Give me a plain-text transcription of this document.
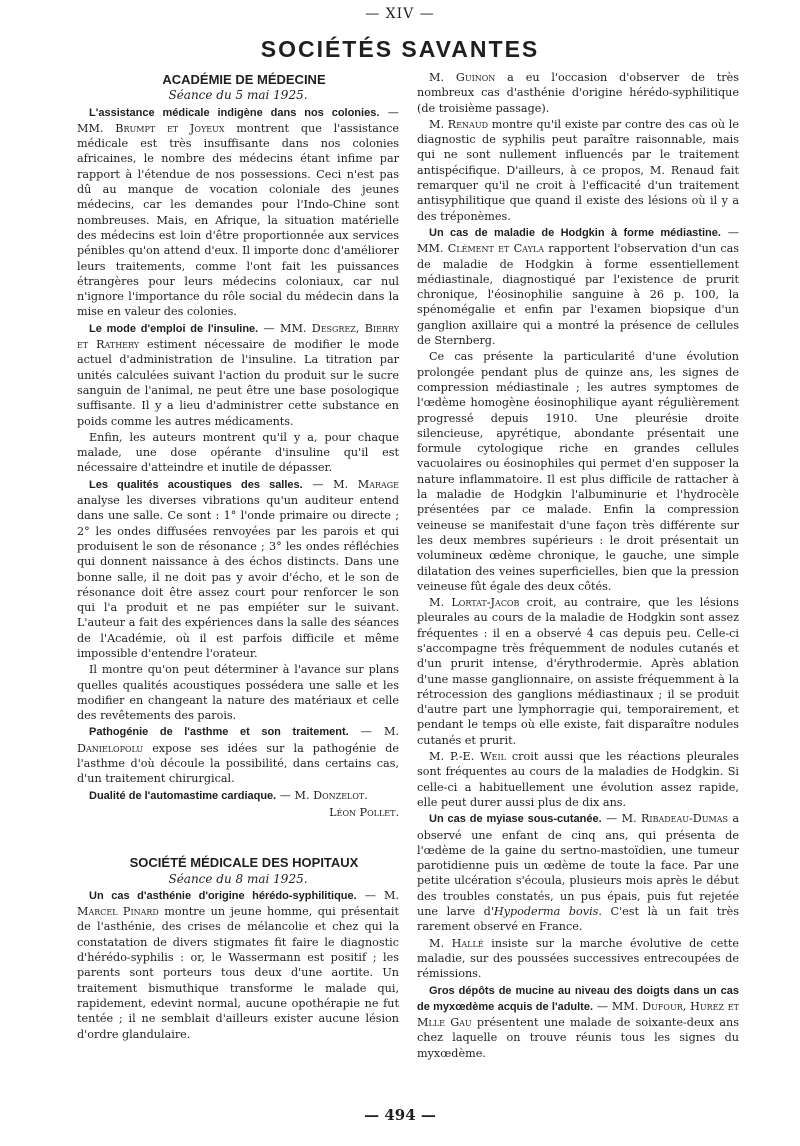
— XIV —
SOCIÉTÉS SAVANTES

ACADÉMIE DE MÉDECINE

Séance du 5 mai 1925.

L'assistance médicale indigène dans nos colonies. — MM. Brumpt et Joyeux montrent que l'assistance médicale est très insuffisante dans nos colonies africaines, le nombre des médecins étant infime par rapport à l'étendue de nos possessions. Ceci n'est pas dû au manque de vocation coloniale des jeunes médecins, car les demandes pour l'Indo-Chine sont nombreuses. Mais, en Afrique, la situation matérielle des médecins est loin d'être proportionnée aux services pénibles qu'on attend d'eux. Il importe donc d'améliorer leurs traitements, comme l'ont fait les puissances étrangères pour leurs médecins coloniaux, car nul n'ignore l'importance du rôle social du médecin dans la mise en valeur des colonies.

Le mode d'emploi de l'insuline. — MM. Desgrez, Bierry et Rathery estiment nécessaire de modifier le mode actuel d'administration de l'insuline. La titration par unités calculées suivant l'action du produit sur le sucre sanguin de l'animal, ne peut être une base posologique suffisante. Il y a lieu d'administrer cette substance en poids comme les autres médicaments.

Enfin, les auteurs montrent qu'il y a, pour chaque malade, une dose opérante d'insuline qu'il est nécessaire d'atteindre et inutile de dépasser.

Les qualités acoustiques des salles. — M. Marage analyse les diverses vibrations qu'un auditeur entend dans une salle. Ce sont : 1° l'onde primaire ou directe ; 2° les ondes diffusées renvoyées par les parois et qui produisent le son de résonance ; 3° les ondes réfléchies qui donnent naissance à des échos distincts. Dans une bonne salle, il ne doit pas y avoir d'écho, et le son de résonance doit être assez court pour renforcer le son qui l'a produit et ne pas empiéter sur le suivant. L'auteur a fait des expériences dans la salle des séances de l'Académie, où il est parfois difficile et même impossible d'entendre l'orateur.

Il montre qu'on peut déterminer à l'avance sur plans quelles qualités acoustiques possédera une salle et les modifier en changeant la nature des matériaux et celle des revêtements des parois.

Pathogénie de l'asthme et son traitement. — M. Danielopolu expose ses idées sur la pathogénie de l'asthme d'où découle la possibilité, dans certains cas, d'un traitement chirurgical.

Dualité de l'automastime cardiaque. — M. Donzelot.

Léon Pollet.

SOCIÉTÉ MÉDICALE DES HOPITAUX

Séance du 8 mai 1925.

Un cas d'asthénie d'origine hérédo-syphilitique. — M. Marcel Pinard montre un jeune homme, qui présentait de l'asthénie, des crises de mélancolie et chez qui la constatation de divers stigmates fit faire le diagnostic d'hérédo-syphilis : or, le Wassermann est positif ; les parents sont porteurs tous deux d'une aortite. Un traitement bismuthique transforme le malade qui, rapidement, edevint normal, aucune opothérapie ne fut tentée ; il ne semblait d'ailleurs exister aucune lésion d'ordre glandulaire.

M. Guinon a eu l'occasion d'observer de très nombreux cas d'asthénie d'origine hérédo-syphilitique (de troisième passage).

M. Renaud montre qu'il existe par contre des cas où le diagnostic de syphilis peut paraître raisonnable, mais qui ne sont nullement influencés par le traitement antispécifique. D'ailleurs, à ce propos, M. Renaud fait remarquer qu'il ne croit à l'efficacité d'un traitement antisyphilitique que quand il existe des lésions où il y a des tréponèmes.

Un cas de maladie de Hodgkin à forme médiastine. — MM. Clément et Cayla rapportent l'observation d'un cas de maladie de Hodgkin à forme essentiellement médiastinale, diagnostiqué par l'existence de prurit chronique, l'éosinophilie sanguine à 26 p. 100, la spénomégalie et enfin par l'examen biopsique d'un ganglion axillaire qui a montré la présence de cellules de Sternberg.

Ce cas présente la particularité d'une évolution prolongée pendant plus de quinze ans, les signes de compression médiastinale ; les autres symptomes de l'œdème homogène éosinophilique ayant régulièrement progressé depuis 1910. Une pleurésie droite silencieuse, apyrétique, abondante présentait une formule cytologique riche en grandes cellules vacuolaires ou éosinophiles qui permet d'en supposer la nature inflammatoire. Il est plus difficile de rattacher à la maladie de Hodgkin l'albuminurie et l'hydrocèle présentées par ce malade. Enfin la compression veineuse se manifestait d'une façon très différente sur les deux membres supérieurs : le droit présentait un volumineux œdème chronique, le gauche, une simple dilatation des veines superficielles, bien que la pression veineuse fût égale des deux côtés.

M. Lortat-Jacob croit, au contraire, que les lésions pleurales au cours de la maladie de Hodgkin sont assez fréquentes : il en a observé 4 cas depuis peu. Celle-ci s'accompagne très fréquemment de nodules cutanés et d'un prurit intense, d'érythrodermie. Après ablation d'une masse ganglionnaire, on assiste fréquemment à la rétrocession des ganglions médiastinaux ; il se produit d'autre part une lymphorragie qui, temporairement, et pendant le temps où elle existe, fait disparaître nodules cutanés et prurit.

M. P.-E. Weil croit aussi que les réactions pleurales sont fréquentes au cours de la maladies de Hodgkin. Si celle-ci a habituellement une évolution assez rapide, elle peut durer aussi plus de dix ans.

Un cas de myiase sous-cutanée. — M. Ribadeau-Dumas a observé une enfant de cinq ans, qui présenta de l'œdème de la gaine du sertno-mastoïdien, une tumeur parotidienne puis un œdème de toute la face. Par une petite ulcération s'écoula, plusieurs mois après le début des troubles constatés, un pus épais, puis fut rejetée une larve d'Hypoderma bovis. C'est là un fait très rarement observé en France.

M. Hallé insiste sur la marche évolutive de cette maladie, sur des poussées successives entrecoupées de rémissions.

Gros dépôts de mucine au niveau des doigts dans un cas de myxœdème acquis de l'adulte. — MM. Dufour, Hurez et Mlle Gau présentent une malade de soixante-deux ans chez laquelle on trouve réunis tous les signes du myxœdème.

— 494 —
